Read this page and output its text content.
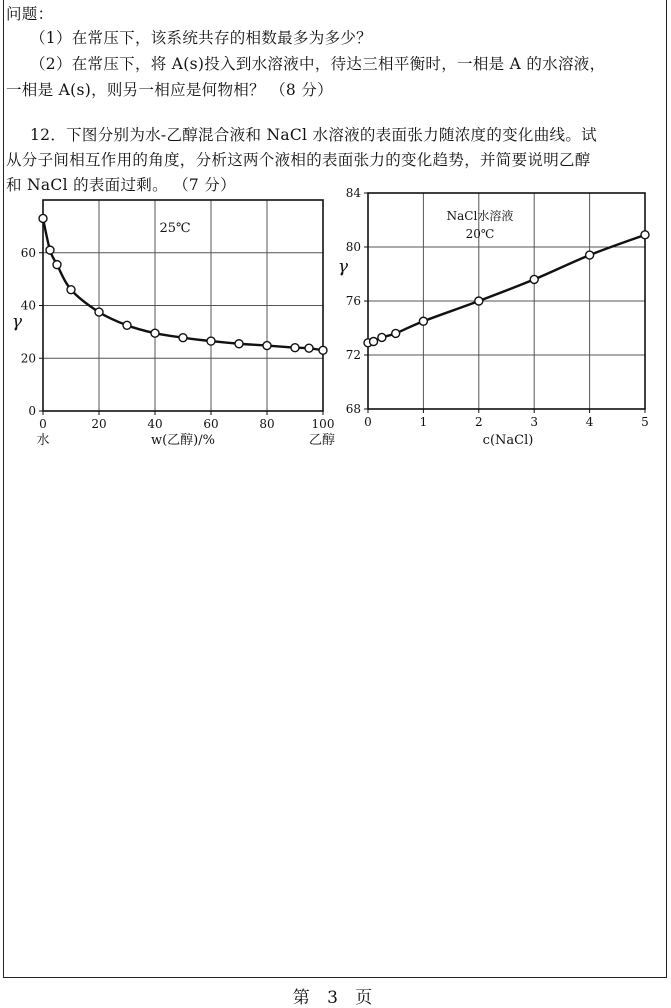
问题：
（1）在常压下，该系统共存的相数最多为多少？
（2）在常压下，将 A(s)投入到水溶液中，待达三相平衡时，一相是 A 的水溶液，
一相是 A(s)，则另一相应是何物相？ （8 分）
12．下图分别为水-乙醇混合液和 NaCl 水溶液的表面张力随浓度的变化曲线。试
从分子间相互作用的角度，分析这两个液相的表面张力的变化趋势，并简要说明乙醇
和 NaCl 的表面过剩。 （7 分）
0	20	40	60	80	100
0
20
40
60
25℃
γ
水	乙醇
w(乙醇)/%
0	1	2	3	4	5
68
72
76
80
84
NaCl水溶液
20℃
γ
c(NaCl)
第 3 页
